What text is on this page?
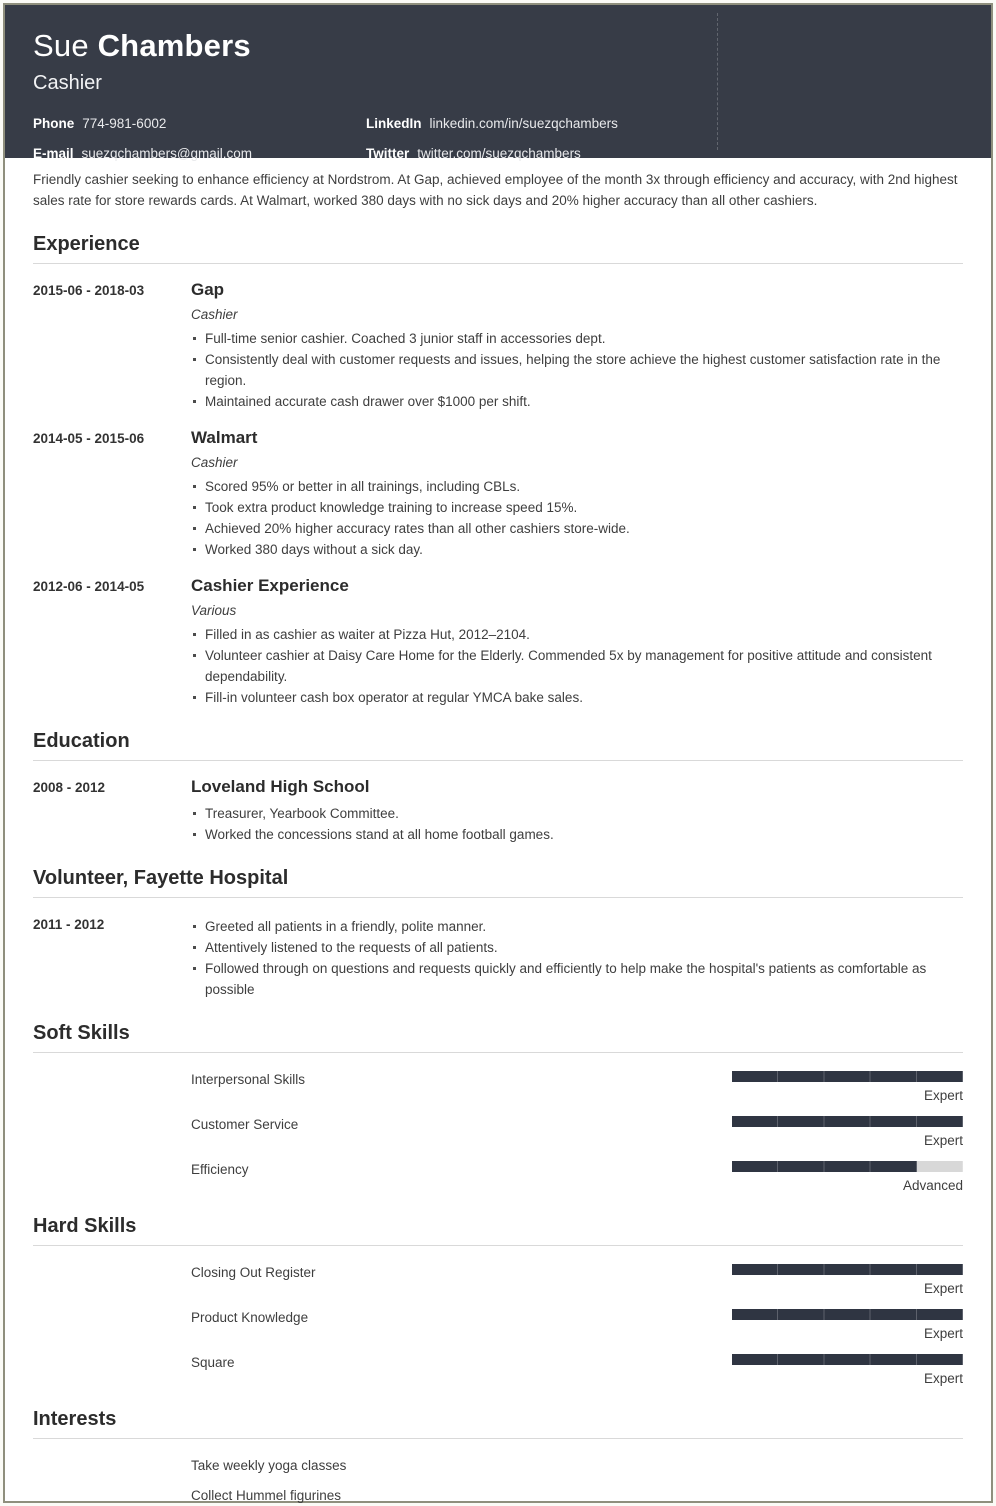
Sue Chambers
Cashier
Phone 774-981-6002	LinkedIn linkedin.com/in/suezqchambers
E-mail suezqchambers@gmail.com	Twitter twitter.com/suezqchambers

Friendly cashier seeking to enhance efficiency at Nordstrom. At Gap, achieved employee of the month 3x through efficiency and accuracy, with 2nd highest sales rate for store rewards cards. At Walmart, worked 380 days with no sick days and 20% higher accuracy than all other cashiers.

Experience
2015-06 - 2018-03	Gap
Cashier
Full-time senior cashier. Coached 3 junior staff in accessories dept.
Consistently deal with customer requests and issues, helping the store achieve the highest customer satisfaction rate in the region.
Maintained accurate cash drawer over $1000 per shift.
2014-05 - 2015-06	Walmart
Cashier
Scored 95% or better in all trainings, including CBLs.
Took extra product knowledge training to increase speed 15%.
Achieved 20% higher accuracy rates than all other cashiers store-wide.
Worked 380 days without a sick day.
2012-06 - 2014-05	Cashier Experience
Various
Filled in as cashier as waiter at Pizza Hut, 2012–2104.
Volunteer cashier at Daisy Care Home for the Elderly. Commended 5x by management for positive attitude and consistent dependability.
Fill-in volunteer cash box operator at regular YMCA bake sales.
Education
2008 - 2012	Loveland High School
Treasurer, Yearbook Committee.
Worked the concessions stand at all home football games.
Volunteer, Fayette Hospital
2011 - 2012	Greeted all patients in a friendly, polite manner.
Attentively listened to the requests of all patients.
Followed through on questions and requests quickly and efficiently to help make the hospital's patients as comfortable as possible
Soft Skills
Interpersonal Skills
Expert
Customer Service
Expert
Efficiency
Advanced
Hard Skills
Closing Out Register
Expert
Product Knowledge
Expert
Square
Expert
Interests
Take weekly yoga classes
Collect Hummel figurines
